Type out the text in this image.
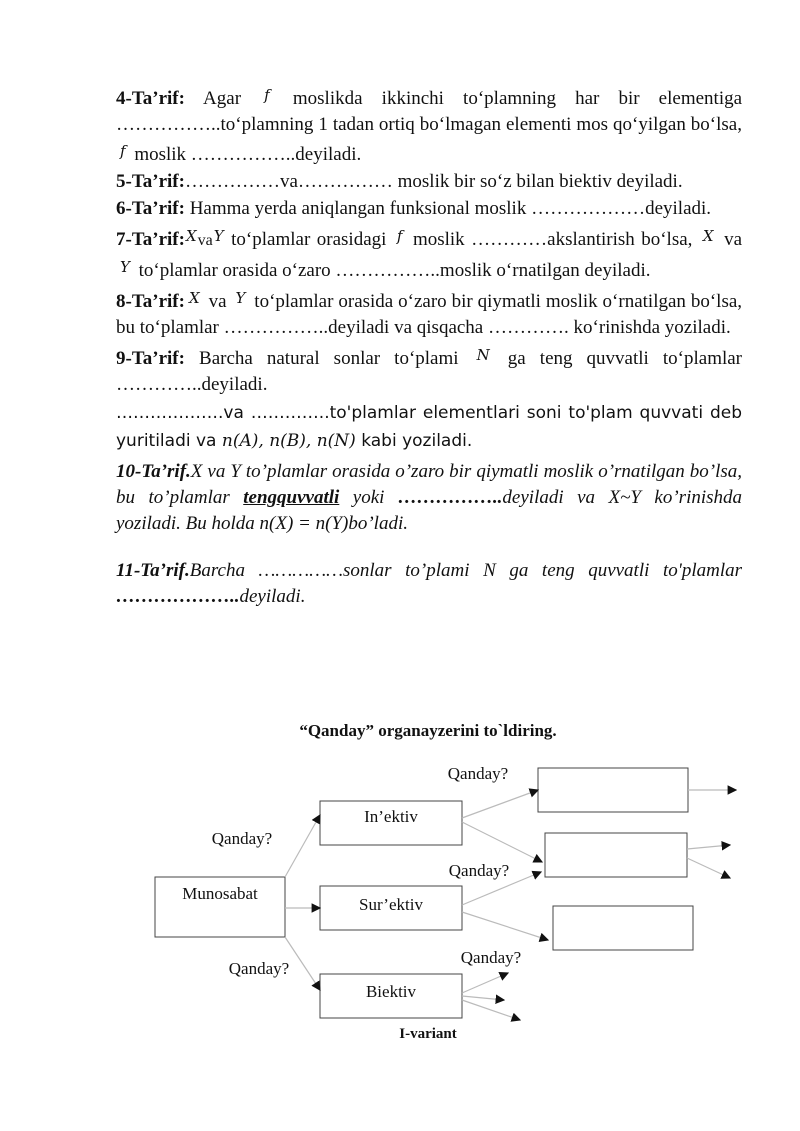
4-Ta’rif: Agar $^f$ moslikda ikkinchi to‘plamning har bir elementiga ……………..to‘plamning 1 tadan ortiq bo‘lmagan elementi mos qo‘yilgan bo‘lsa, $^f$ moslik ……………..deyiladi.

5-Ta’rif:……………va…………… moslik bir so‘z bilan biektiv deyiladi.

6-Ta’rif: Hamma yerda aniqlangan funksional moslik ………………deyiladi.

$7-Ta’rif:^Xva^Y$ to‘plamlar orasidagi $^f$ moslik …………akslantirish bo‘lsa, $^X$ va $^Y$ to‘plamlar orasida o‘zaro ……………..moslik o‘rnatilgan deyiladi.

8-Ta’rif: $^X$ va $^Y$ to‘plamlar orasida o‘zaro bir qiymatli moslik o‘rnatilgan bo‘lsa, bu to‘plamlar ……………..deyiladi va qisqacha …………. ko‘rinishda yoziladi.

9-Ta’rif: Barcha natural sonlar to‘plami $^N$ ga teng quvvatli to‘plamlar …………..deyiladi.

……………….va …………..to'plamlar elementlari soni to'plam quvvati deb yuritiladi va n(A), n(B), n(N) kabi yoziladi.

10-Ta’rif.X va Y to’plamlar orasida o’zaro bir qiymatli moslik o’rnatilgan bo’lsa, bu to’plamlar tengquvvatli yoki ……………..deyiladi va X~Y ko’rinishda yoziladi. Bu holda n(X) = n(Y)bo’ladi.

11-Ta’rif.Barcha ……………sonlar to’plami N ga teng quvvatli to'plamlar ………………..deyiladi.

“Qanday” organayzerini to`ldiring.
Munosabat
In’ektiv
Sur’ektiv
Biektiv
Qanday?
Qanday?
Qanday?
Qanday?
Qanday?
I-variant
